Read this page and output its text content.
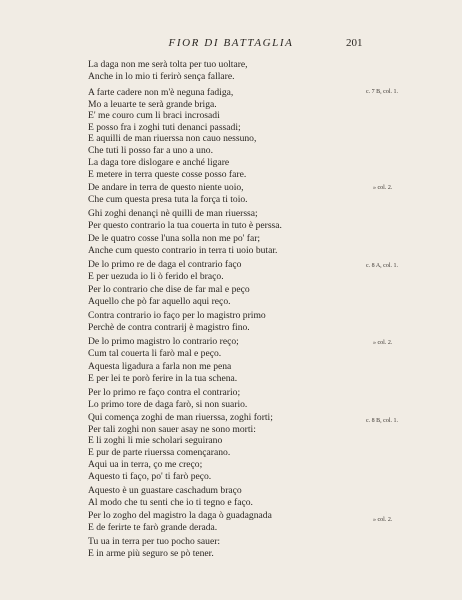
FIOR DI BATTAGLIA	201
La daga non me serà tolta per tuo uoltare,
Anche in lo mio ti ferirò sença fallare.
A farte cadere non m'è neguna fadiga,
Mo a leuarte te serà grande briga.
E' me couro cum li braci incrosadi
E posso fra i zoghi tuti denanci passadi;
E aquilli de man riuerssa non cauo nessuno,
Che tuti li posso far a uno a uno.
La daga tore dislogare e anché ligare
E metere in terra queste cosse posso fare.
De andare in terra de questo niente uoio,
Che cum questa presa tuta la força ti toio.
Ghi zoghi denançi nè quilli de man riuerssa;
Per questo contrario la tua couerta in tuto è perssa.
De le quatro cosse l'una solla non me po' far;
Anche cum questo contrario in terra ti uoio butar.
De lo primo re de daga el contrario façο
E per uezuda io li ò ferido el braço.
Per lo contrario che dise de far mal e peço
Aquello che pò far aquello aqui reço.
Contra contrario io façο per lo magistro primo
Perchè de contra contrarij è magistro fino.
De lo primo magistro lo contrario reço;
Cum tal couerta li farò mal e peço.
Aquesta ligadura a farla non me pena
E per lei te porò ferire in la tua schena.
Per lo primo re façο contra el contrario;
Lo primo tore de daga farò, si non suario.
Qui començа zoghi de man riuerssa, zoghi forti;
Per tali zoghi non sauer asay ne sono morti:
E li zoghi li mie scholari seguirano
E pur de parte riuerssa començarano.
Aqui ua in terra, ço me creço;
Aquesto ti façο, po' ti farò peço.
Aquesto è un guastare caschadum braço
Al modo che tu senti che io ti tegno e façο.
Per lo zogho del magistro la daga ò guadagnada
E de ferirte te farò grande derada.
Tu ua in terra per tuo pocho sauer:
E in arme più seguro se pò tener.
c. 7 B, col. 1.
» col. 2.
c. 8 A, col. 1.
» col. 2.
c. 8 B, col. 1.
» col. 2.
